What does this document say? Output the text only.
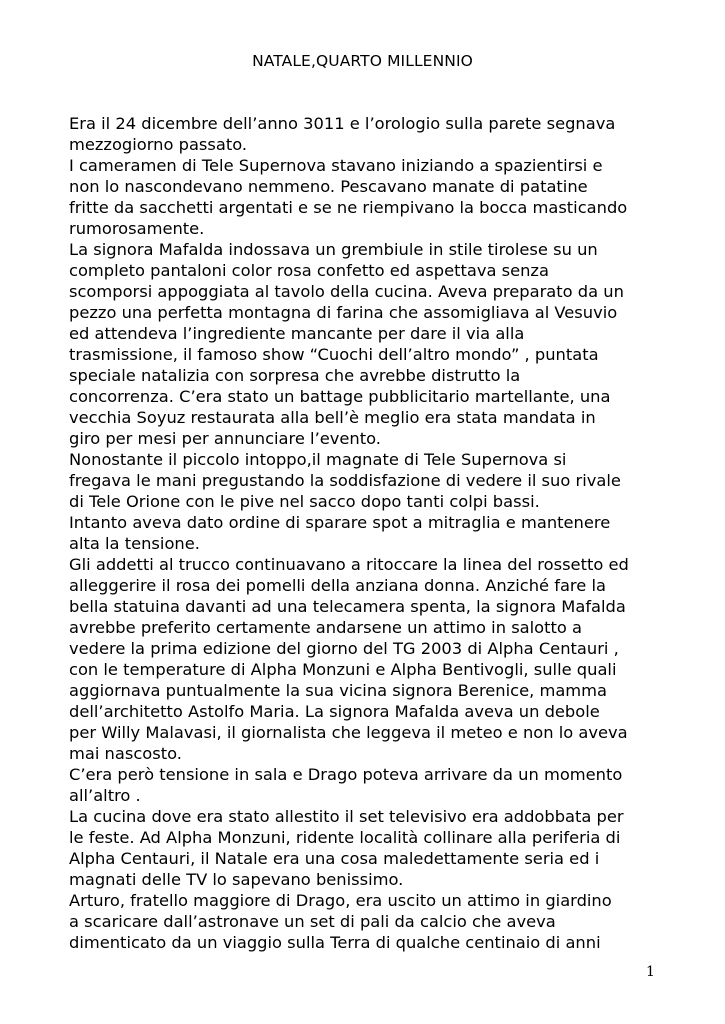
NATALE,QUARTO MILLENNIO
Era il 24 dicembre dell’anno 3011 e l’orologio sulla parete segnava
mezzogiorno passato.
I cameramen di Tele Supernova stavano iniziando a spazientirsi e
non lo nascondevano nemmeno. Pescavano manate di patatine
fritte da sacchetti argentati e se ne riempivano la bocca masticando
rumorosamente.
La signora Mafalda indossava un grembiule in stile tirolese su un
completo pantaloni color rosa confetto ed aspettava senza
scomporsi appoggiata al tavolo della cucina. Aveva preparato da un
pezzo una perfetta montagna di farina che assomigliava al Vesuvio
ed attendeva l’ingrediente mancante per dare il via alla
trasmissione, il famoso show “Cuochi dell’altro mondo” , puntata
speciale natalizia con sorpresa che avrebbe distrutto la
concorrenza. C’era stato un battage pubblicitario martellante, una
vecchia Soyuz restaurata alla bell’è meglio era stata mandata in
giro per mesi per annunciare l’evento.
Nonostante il piccolo intoppo,il magnate di Tele Supernova si
fregava le mani pregustando la soddisfazione di vedere il suo rivale
di Tele Orione con le pive nel sacco dopo tanti colpi bassi.
Intanto aveva dato ordine di sparare spot a mitraglia e mantenere
alta la tensione.
Gli addetti al trucco continuavano a ritoccare la linea del rossetto ed
alleggerire il rosa dei pomelli della anziana donna. Anziché fare la
bella statuina davanti ad una telecamera spenta, la signora Mafalda
avrebbe preferito certamente andarsene un attimo in salotto a
vedere la prima edizione del giorno del TG 2003 di Alpha Centauri ,
con le temperature di Alpha Monzuni e Alpha Bentivogli, sulle quali
aggiornava puntualmente la sua vicina signora Berenice, mamma
dell’architetto Astolfo Maria. La signora Mafalda aveva un debole
per Willy Malavasi, il giornalista che leggeva il meteo e non lo aveva
mai nascosto.
C’era però tensione in sala e Drago poteva arrivare da un momento
all’altro .
La cucina dove era stato allestito il set televisivo era addobbata per
le feste. Ad Alpha Monzuni, ridente località collinare alla periferia di
Alpha Centauri, il Natale era una cosa maledettamente seria ed i
magnati delle TV lo sapevano benissimo.
Arturo, fratello maggiore di Drago, era uscito un attimo in giardino
a scaricare dall’astronave un set di pali da calcio che aveva
dimenticato da un viaggio sulla Terra di qualche centinaio di anni
1
